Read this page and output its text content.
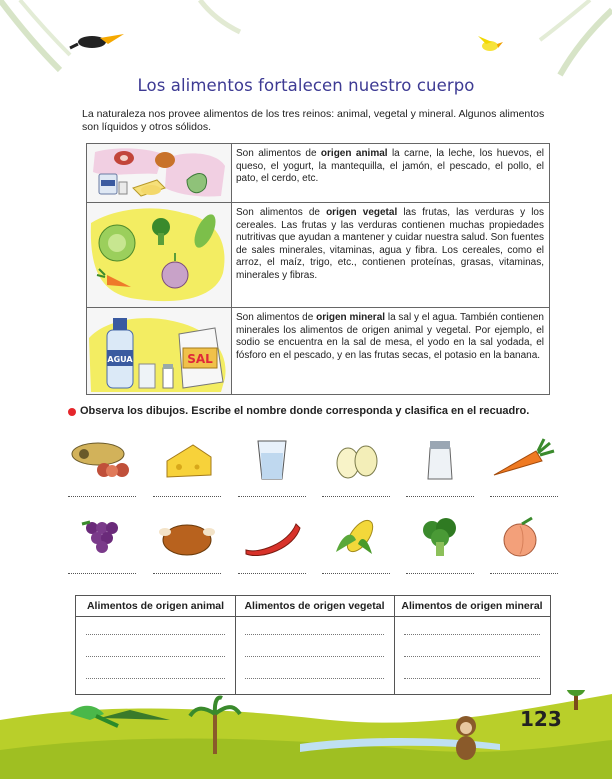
Los alimentos fortalecen nuestro cuerpo
La naturaleza nos provee alimentos de los tres reinos: animal, vegetal y mineral. Algunos alimentos son líquidos y otros sólidos.
Son alimentos de origen animal la carne, la leche, los huevos, el queso, el yogurt, la mantequilla, el jamón, el pescado, el pollo, el pato, el cerdo, etc.
Son alimentos de origen vegetal las frutas, las verduras y los cereales. Las frutas y las verduras contienen muchas propiedades nutritivas que ayudan a mantener y cuidar nuestra salud. Son fuentes de sales minerales, vitaminas, agua y fibra. Los cereales, como el arroz, el maíz, trigo, etc., contienen proteínas, grasas, vitaminas, minerales y fibras.
AGUA	SAL
Son alimentos de origen mineral la sal y el agua. También contienen minerales los alimentos de origen animal y vegetal. Por ejemplo, el sodio se encuentra en la sal de mesa, el yodo en la sal yodada, el fósforo en el pescado, y en las frutas secas, el potasio en la banana.
Observa los dibujos. Escribe el nombre donde corresponda y clasifica en el recuadro.
Alimentos de origen animal	Alimentos de origen vegetal	Alimentos de origen mineral
123
